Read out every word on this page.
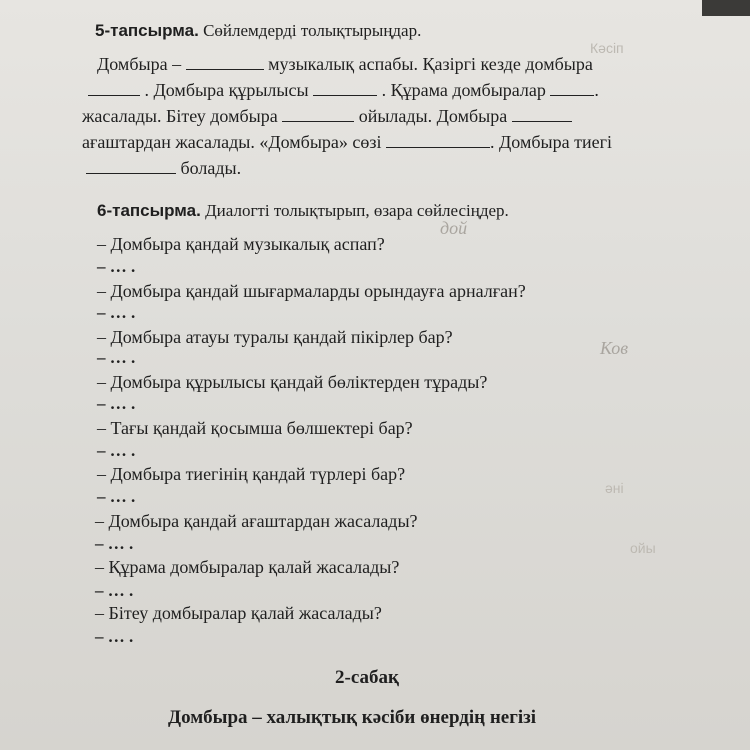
Кәсіп
әні
ойы
дой
Ков
5-тапсырма. Сөйлемдерді толықтырыңдар.
Домбыра –	музыкалық аспабы. Қазіргі кезде домбыра
. Домбыра құрылысы	. Құрама домбыралар	.
жасалады. Бітеу домбыра	ойылады. Домбыра
ағаштардан жасалады. «Домбыра» сөзі	. Домбыра тиегі
болады.
6-тапсырма. Диалогті толықтырып, өзара сөйлесіңдер.
– Домбыра қандай музыкалық аспап?
– … .
– Домбыра қандай шығармаларды орындауға арналған?
– … .
– Домбыра атауы туралы қандай пікірлер бар?
– … .
– Домбыра құрылысы қандай бөліктерден тұрады?
– … .
– Тағы қандай қосымша бөлшектері бар?
– … .
– Домбыра тиегінің қандай түрлері бар?
– … .
– Домбыра қандай ағаштардан жасалады?
– … .
– Құрама домбыралар қалай жасалады?
– … .
– Бітеу домбыралар қалай жасалады?
– … .
2-сабақ
Домбыра – халықтық кәсіби өнердің негізі
